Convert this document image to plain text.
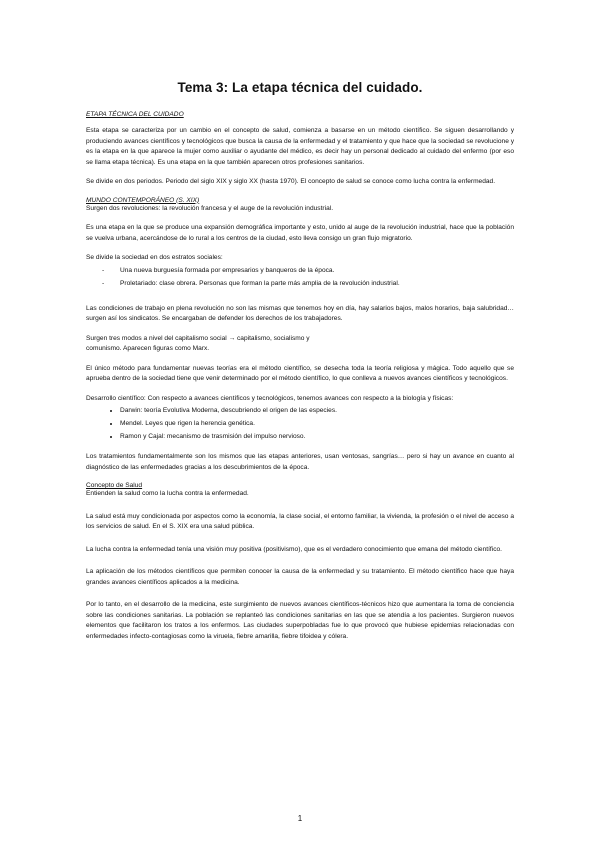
Tema 3: La etapa técnica del cuidado.
ETAPA TÉCNICA DEL CUIDADO

Esta etapa se caracteriza por un cambio en el concepto de salud, comienza a basarse en un método científico. Se siguen desarrollando y produciendo avances científicos y tecnológicos que busca la causa de la enfermedad y el tratamiento y que hace que la sociedad se revolucione y es la etapa en la que aparece la mujer como auxiliar o ayudante del médico, es decir hay un personal dedicado al cuidado del enfermo (por eso se llama etapa técnica). Es una etapa en la que también aparecen otros profesiones sanitarios.

Se divide en dos periodos. Periodo del siglo XIX y siglo XX (hasta 1970). El concepto de salud se conoce como lucha contra la enfermedad.

MUNDO CONTEMPORÁNEO (S. XIX)

Surgen dos revoluciones: la revolución francesa y el auge de la revolución industrial.

Es una etapa en la que se produce una expansión demográfica importante y esto, unido al auge de la revolución industrial, hace que la población se vuelva urbana, acercándose de lo rural a los centros de la ciudad, esto lleva consigo un gran flujo migratorio.

Se divide la sociedad en dos estratos sociales:

- Una nueva burguesía formada por empresarios y banqueros de la época.
- Proletariado: clase obrera. Personas que forman la parte más amplia de la revolución industrial.

Las condiciones de trabajo en plena revolución no son las mismas que tenemos hoy en día, hay salarios bajos, malos horarios, baja salubridad… surgen así los sindicatos. Se encargaban de defender los derechos de los trabajadores.

Surgen tres modos a nivel del capitalismo social → capitalismo, socialismo y
comunismo. Aparecen figuras como Marx.

El único método para fundamentar nuevas teorías era el método científico, se desecha toda la teoría religiosa y mágica. Todo aquello que se aprueba dentro de la sociedad tiene que venir determinado por el método científico, lo que conlleva a nuevos avances científicos y tecnológicos.

Desarrollo científico: Con respecto a avances científicos y tecnológicos, tenemos avances con respecto a la biología y físicas:

• Darwin: teoría Evolutiva Moderna, descubriendo el origen de las especies.
• Mendel. Leyes que rigen la herencia genética.
• Ramon y Cajal: mecanismo de trasmisión del impulso nervioso.

Los tratamientos fundamentalmente son los mismos que las etapas anteriores, usan ventosas, sangrías… pero si hay un avance en cuanto al diagnóstico de las enfermedades gracias a los descubrimientos de la época.

Concepto de Salud

Entienden la salud como la lucha contra la enfermedad.

La salud está muy condicionada por aspectos como la economía, la clase social, el entorno familiar, la vivienda, la profesión o el nivel de acceso a los servicios de salud. En el S. XIX era una salud pública.

La lucha contra la enfermedad tenía una visión muy positiva (positivismo), que es el verdadero conocimiento que emana del método científico.

La aplicación de los métodos científicos que permiten conocer la causa de la enfermedad y su tratamiento. El método científico hace que haya grandes avances científicos aplicados a la medicina.

Por lo tanto, en el desarrollo de la medicina, este surgimiento de nuevos avances científicos-técnicos hizo que aumentara la toma de conciencia sobre las condiciones sanitarias. La población se replanteó las condiciones sanitarias en las que se atendía a los pacientes. Surgieron nuevos elementos que facilitaron los tratos a los enfermos. Las ciudades superpobladas fue lo que provocó que hubiese epidemias relacionadas con enfermedades infecto-contagiosas como la viruela, fiebre amarilla, fiebre tifoidea y cólera.

1
